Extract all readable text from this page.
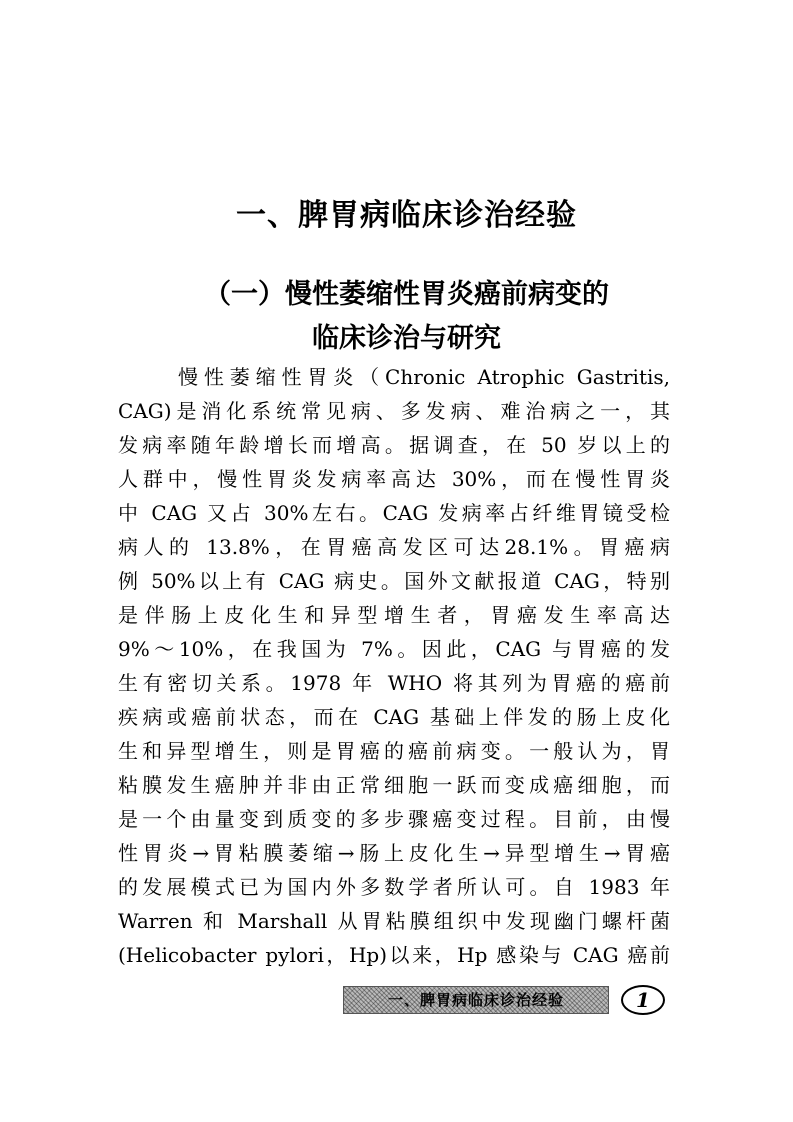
一、脾胃病临床诊治经验
（一）慢性萎缩性胃炎癌前病变的
临床诊治与研究
慢性萎缩性胃炎（Chronic Atrophic Gastritis,
CAG)是消化系统常见病、多发病、难治病之一，其
发病率随年龄增长而增高。据调查，在 50 岁以上的
人群中，慢性胃炎发病率高达 30%，而在慢性胃炎
中 CAG 又占 30%左右。CAG 发病率占纤维胃镜受检
病人的 13.8%，在胃癌高发区可达28.1%。胃癌病
例 50%以上有 CAG 病史。国外文献报道 CAG，特别
是伴肠上皮化生和异型增生者，胃癌发生率高达
9%～10%，在我国为 7%。因此，CAG 与胃癌的发
生有密切关系。1978 年 WHO 将其列为胃癌的癌前
疾病或癌前状态，而在 CAG 基础上伴发的肠上皮化
生和异型增生，则是胃癌的癌前病变。一般认为，胃
粘膜发生癌肿并非由正常细胞一跃而变成癌细胞，而
是一个由量变到质变的多步骤癌变过程。目前，由慢
性胃炎→胃粘膜萎缩→肠上皮化生→异型增生→胃癌
的发展模式已为国内外多数学者所认可。自 1983 年
Warren 和 Marshall 从胃粘膜组织中发现幽门螺杆菌
(Helicobacter pylori，Hp)以来，Hp 感染与 CAG 癌前
一、脾胃病临床诊治经验	1
